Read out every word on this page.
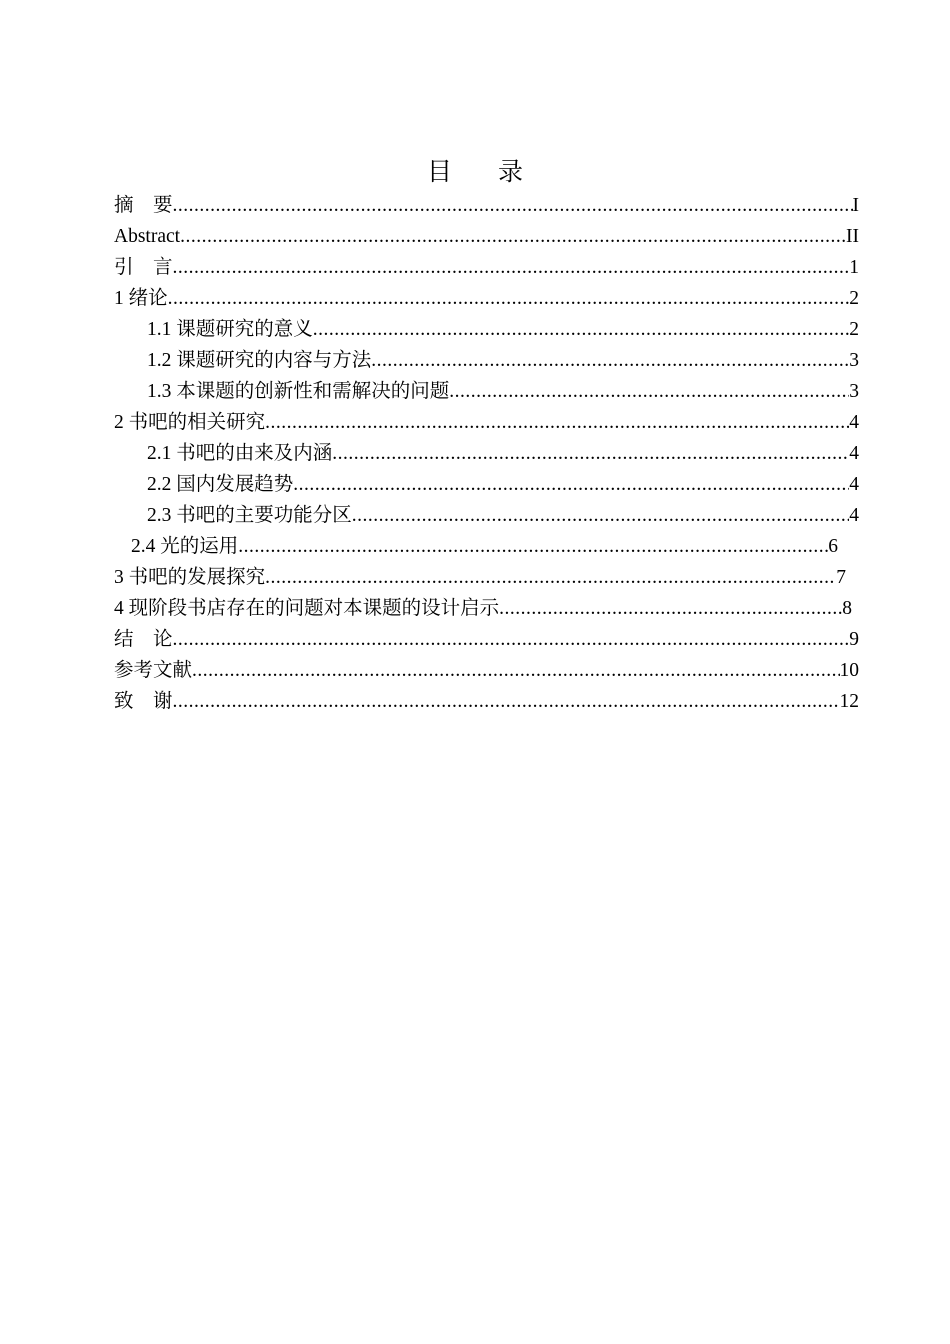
目录
摘　要 .....	I
Abstract .....	II
引　言 .....	1
1 绪论 .....	2
1.1 课题研究的意义 .....	2
1.2 课题研究的内容与方法 .....	3
1.3 本课题的创新性和需解决的问题 .....	3
2 书吧的相关研究 .....	4
2.1 书吧的由来及内涵 .....	4
2.2 国内发展趋势 .....	4
2.3 书吧的主要功能分区 .....	4
2.4 光的运用 .....	6
3 书吧的发展探究 .....	7
4 现阶段书店存在的问题对本课题的设计启示 .....	8
结　论 .....	9
参考文献 .....	10
致　谢 .....	12
